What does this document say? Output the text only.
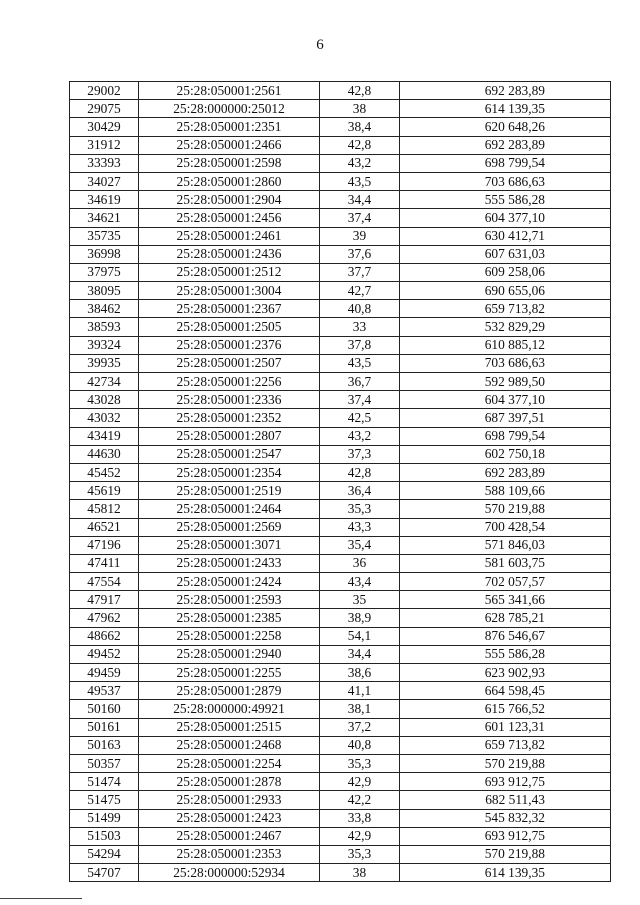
6
29002	25:28:050001:2561	42,8	692 283,89
29075	25:28:000000:25012	38	614 139,35
30429	25:28:050001:2351	38,4	620 648,26
31912	25:28:050001:2466	42,8	692 283,89
33393	25:28:050001:2598	43,2	698 799,54
34027	25:28:050001:2860	43,5	703 686,63
34619	25:28:050001:2904	34,4	555 586,28
34621	25:28:050001:2456	37,4	604 377,10
35735	25:28:050001:2461	39	630 412,71
36998	25:28:050001:2436	37,6	607 631,03
37975	25:28:050001:2512	37,7	609 258,06
38095	25:28:050001:3004	42,7	690 655,06
38462	25:28:050001:2367	40,8	659 713,82
38593	25:28:050001:2505	33	532 829,29
39324	25:28:050001:2376	37,8	610 885,12
39935	25:28:050001:2507	43,5	703 686,63
42734	25:28:050001:2256	36,7	592 989,50
43028	25:28:050001:2336	37,4	604 377,10
43032	25:28:050001:2352	42,5	687 397,51
43419	25:28:050001:2807	43,2	698 799,54
44630	25:28:050001:2547	37,3	602 750,18
45452	25:28:050001:2354	42,8	692 283,89
45619	25:28:050001:2519	36,4	588 109,66
45812	25:28:050001:2464	35,3	570 219,88
46521	25:28:050001:2569	43,3	700 428,54
47196	25:28:050001:3071	35,4	571 846,03
47411	25:28:050001:2433	36	581 603,75
47554	25:28:050001:2424	43,4	702 057,57
47917	25:28:050001:2593	35	565 341,66
47962	25:28:050001:2385	38,9	628 785,21
48662	25:28:050001:2258	54,1	876 546,67
49452	25:28:050001:2940	34,4	555 586,28
49459	25:28:050001:2255	38,6	623 902,93
49537	25:28:050001:2879	41,1	664 598,45
50160	25:28:000000:49921	38,1	615 766,52
50161	25:28:050001:2515	37,2	601 123,31
50163	25:28:050001:2468	40,8	659 713,82
50357	25:28:050001:2254	35,3	570 219,88
51474	25:28:050001:2878	42,9	693 912,75
51475	25:28:050001:2933	42,2	682 511,43
51499	25:28:050001:2423	33,8	545 832,32
51503	25:28:050001:2467	42,9	693 912,75
54294	25:28:050001:2353	35,3	570 219,88
54707	25:28:000000:52934	38	614 139,35
